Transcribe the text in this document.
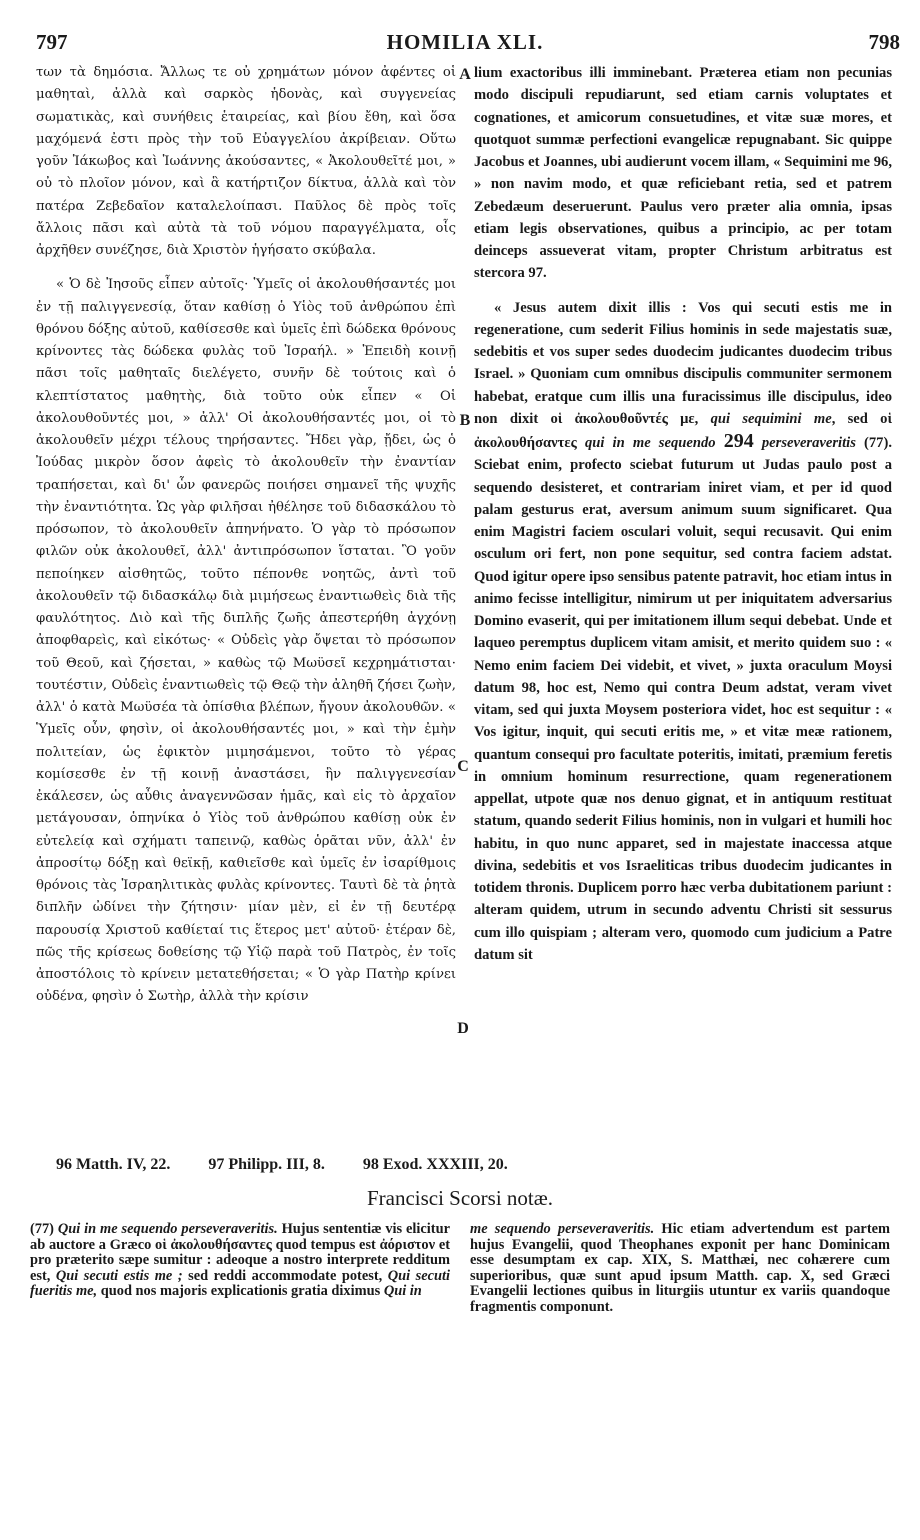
797	HOMILIA XLI.	798

των τὰ δημόσια. Ἄλλως τε οὐ χρημάτων μόνον ἀφέντες οἱ μαθηταὶ, ἀλλὰ καὶ σαρκὸς ἡδονὰς, καὶ συγγενείας σωματικὰς, καὶ συνήθεις ἑταιρείας, καὶ βίου ἔθη, καὶ ὅσα μαχόμενά ἐστι πρὸς τὴν τοῦ Εὐαγγελίου ἀκρίβειαν. Οὕτω γοῦν Ἰάκωβος καὶ Ἰωάννης ἀκούσαντες, « Ἀκολουθεῖτέ μοι, » οὐ τὸ πλοῖον μόνον, καὶ ἃ κατήρτιζον δίκτυα, ἀλλὰ καὶ τὸν πατέρα Ζεβεδαῖον καταλελοίπασι. Παῦλος δὲ πρὸς τοῖς ἄλλοις πᾶσι καὶ αὐτὰ τὰ τοῦ νόμου παραγγέλματα, οἷς ἀρχῆθεν συνέζησε, διὰ Χριστὸν ἡγήσατο σκύβαλα.

« Ὁ δὲ Ἰησοῦς εἶπεν αὐτοῖς· Ὑμεῖς οἱ ἀκολουθήσαντές μοι ἐν τῇ παλιγγενεσίᾳ, ὅταν καθίσῃ ὁ Υἱὸς τοῦ ἀνθρώπου ἐπὶ θρόνου δόξης αὐτοῦ, καθίσεσθε καὶ ὑμεῖς ἐπὶ δώδεκα θρόνους κρίνοντες τὰς δώδεκα φυλὰς τοῦ Ἰσραήλ. » Ἐπειδὴ κοινῇ πᾶσι τοῖς μαθηταῖς διελέγετο, συνῆν δὲ τούτοις καὶ ὁ κλεπτίστατος μαθητὴς, διὰ τοῦτο οὐκ εἶπεν « Οἱ ἀκολουθοῦντές μοι, » ἀλλ' Οἱ ἀκολουθήσαντές μοι, οἱ τὸ ἀκολουθεῖν μέχρι τέλους τηρήσαντες. Ἤδει γὰρ, ᾔδει, ὡς ὁ Ἰούδας μικρὸν ὅσον ἀφεὶς τὸ ἀκολουθεῖν τὴν ἐναντίαν τραπήσεται, καὶ δι' ὧν φανερῶς ποιήσει σημανεῖ τῆς ψυχῆς τὴν ἐναντιότητα. Ὡς γὰρ φιλῆσαι ἠθέλησε τοῦ διδασκάλου τὸ πρόσωπον, τὸ ἀκολουθεῖν ἀπηνήνατο. Ὁ γὰρ τὸ πρόσωπον φιλῶν οὐκ ἀκολουθεῖ, ἀλλ' ἀντιπρόσωπον ἵσταται. Ὃ γοῦν πεποίηκεν αἰσθητῶς, τοῦτο πέπονθε νοητῶς, ἀντὶ τοῦ ἀκολουθεῖν τῷ διδασκάλῳ διὰ μιμήσεως ἐναντιωθεὶς διὰ τῆς φαυλότητος. Διὸ καὶ τῆς διπλῆς ζωῆς ἀπεστερήθη ἀγχόνῃ ἀποφθαρεὶς, καὶ εἰκότως· « Οὐδεὶς γὰρ ὄψεται τὸ πρόσωπον τοῦ Θεοῦ, καὶ ζήσεται, » καθὼς τῷ Μωϋσεῖ κεχρημάτισται· τουτέστιν, Οὐδεὶς ἐναντιωθεὶς τῷ Θεῷ τὴν ἀληθῆ ζήσει ζωὴν, ἀλλ' ὁ κατὰ Μωϋσέα τὰ ὀπίσθια βλέπων, ἤγουν ἀκολουθῶν. « Ὑμεῖς οὖν, φησὶν, οἱ ἀκολουθήσαντές μοι, » καὶ τὴν ἐμὴν πολιτείαν, ὡς ἐφικτὸν μιμησάμενοι, τοῦτο τὸ γέρας κομίσεσθε ἐν τῇ κοινῇ ἀναστάσει, ἣν παλιγγενεσίαν ἐκάλεσεν, ὡς αὖθις ἀναγεννῶσαν ἡμᾶς, καὶ εἰς τὸ ἀρχαῖον μετάγουσαν, ὁπηνίκα ὁ Υἱὸς τοῦ ἀνθρώπου καθίσῃ οὐκ ἐν εὐτελείᾳ καὶ σχήματι ταπεινῷ, καθὼς ὁρᾶται νῦν, ἀλλ' ἐν ἀπροσίτῳ δόξῃ καὶ θεϊκῇ, καθιεῖσθε καὶ ὑμεῖς ἐν ἰσαρίθμοις θρόνοις τὰς Ἰσραηλιτικὰς φυλὰς κρίνοντες. Ταυτὶ δὲ τὰ ῥητὰ διπλῆν ὠδίνει τὴν ζήτησιν· μίαν μὲν, εἰ ἐν τῇ δευτέρᾳ παρουσίᾳ Χριστοῦ καθίεταί τις ἕτερος μετ' αὐτοῦ· ἑτέραν δὲ, πῶς τῆς κρίσεως δοθείσης τῷ Υἱῷ παρὰ τοῦ Πατρὸς, ἐν τοῖς ἀποστόλοις τὸ κρίνειν μετατεθήσεται; « Ὁ γὰρ Πατὴρ κρίνει οὐδένα, φησὶν ὁ Σωτὴρ, ἀλλὰ τὴν κρίσιν

A
B
C
D

lium exactoribus illi imminebant. Præterea etiam non pecunias modo discipuli repudiarunt, sed etiam carnis voluptates et cognationes, et amicorum consuetudines, et vitæ suæ mores, et quotquot summæ perfectioni evangelicæ repugnabant. Sic quippe Jacobus et Joannes, ubi audierunt vocem illam, « Sequimini me 96, » non navim modo, et quæ reficiebant retia, sed et patrem Zebedæum deseruerunt. Paulus vero præter alia omnia, ipsas etiam legis observationes, quibus a principio, ac per totam deinceps assueverat vitam, propter Christum arbitratus est stercora 97.

« Jesus autem dixit illis : Vos qui secuti estis me in regeneratione, cum sederit Filius hominis in sede majestatis suæ, sedebitis et vos super sedes duodecim judicantes duodecim tribus Israel. » Quoniam cum omnibus discipulis communiter sermonem habebat, eratque cum illis una furacissimus ille discipulus, ideo non dixit οἱ ἀκολουθοῦντές με, qui sequimini me, sed οἱ ἀκολουθήσαντες qui in me sequendo 294 perseveraveritis (77). Sciebat enim, profecto sciebat futurum ut Judas paulo post a sequendo desisteret, et contrariam iniret viam, et per id quod palam gesturus erat, aversum animum suum significaret. Qua enim Magistri faciem osculari voluit, sequi recusavit. Qui enim osculum ori fert, non pone sequitur, sed contra faciem adstat. Quod igitur opere ipso sensibus patente patravit, hoc etiam intus in animo fecisse intelligitur, nimirum ut per iniquitatem adversarius Domino evaserit, qui per imitationem illum sequi debebat. Unde et laqueo peremptus duplicem vitam amisit, et merito quidem suo : « Nemo enim faciem Dei videbit, et vivet, » juxta oraculum Moysi datum 98, hoc est, Nemo qui contra Deum adstat, veram vivet vitam, sed qui juxta Moysem posteriora videt, hoc est sequitur : « Vos igitur, inquit, qui secuti eritis me, » et vitæ meæ rationem, quantum consequi pro facultate poteritis, imitati, præmium feretis in omnium hominum resurrectione, quam regenerationem appellat, utpote quæ nos denuo gignat, et in antiquum restituat statum, quando sederit Filius hominis, non in vulgari et humili hoc habitu, in quo nunc apparet, sed in majestate inaccessa atque divina, sedebitis et vos Israeliticas tribus duodecim judicantes in totidem thronis. Duplicem porro hæc verba dubitationem pariunt : alteram quidem, utrum in secundo adventu Christi sit sessurus cum illo quispiam ; alteram vero, quomodo cum judicium a Patre datum sit

96 Matth. IV, 22. 97 Philipp. III, 8. 98 Exod. XXXIII, 20.
Francisci Scorsi notæ.

(77) Qui in me sequendo perseveraveritis. Hujus sententiæ vis elicitur ab auctore a Græco οἱ ἀκολουθήσαντες quod tempus est ἀόριστον et pro præterito sæpe sumitur : adeoque a nostro interprete redditum est, Qui secuti estis me ; sed reddi accommodate potest, Qui secuti fueritis me, quod nos majoris explicationis gratia diximus Qui in

me sequendo perseveraveritis. Hic etiam advertendum est partem hujus Evangelii, quod Theophanes exponit per hanc Dominicam esse desumptam ex cap. XIX, S. Matthæi, nec cohærere cum superioribus, quæ sunt apud ipsum Matth. cap. X, sed Græci Evangelii lectiones quibus in liturgiis utuntur ex variis quandoque fragmentis componunt.
